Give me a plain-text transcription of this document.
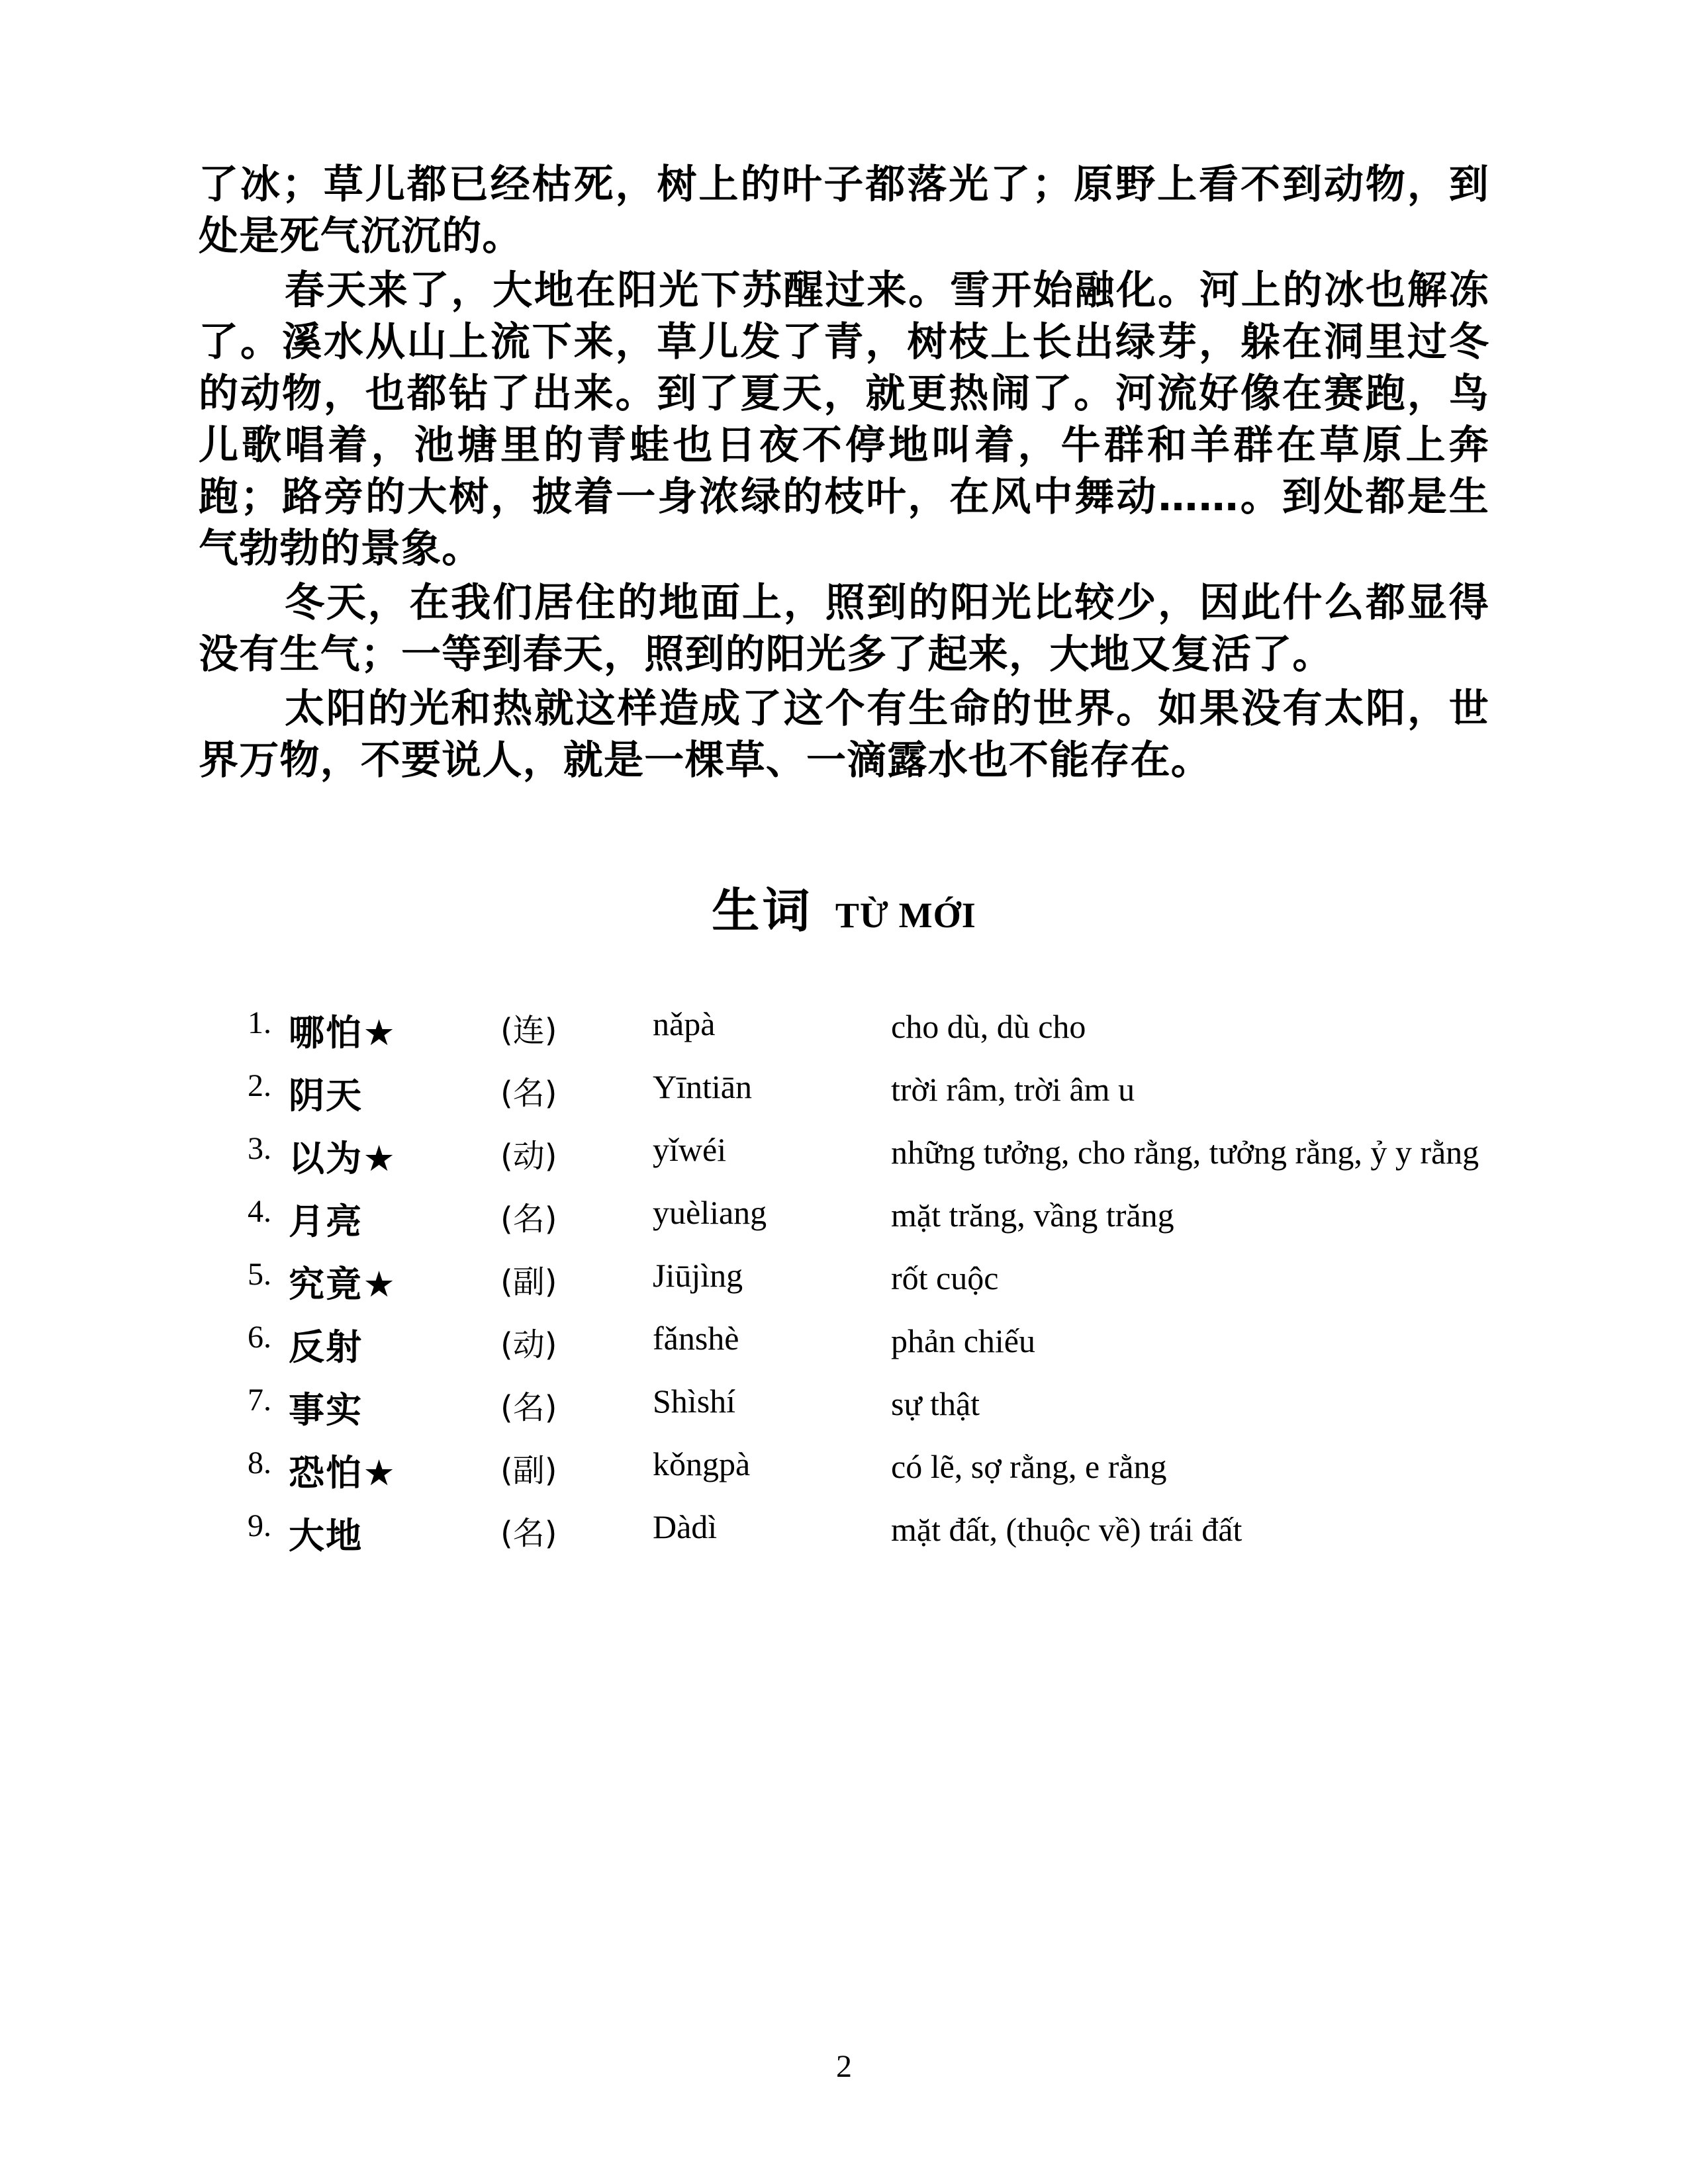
了冰；草儿都已经枯死，树上的叶子都落光了；原野上看不到动物，到处是死气沉沉的。

春天来了，大地在阳光下苏醒过来。雪开始融化。河上的冰也解冻了。溪水从山上流下来，草儿发了青，树枝上长出绿芽，躲在洞里过冬的动物，也都钻了出来。到了夏天，就更热闹了。河流好像在赛跑，鸟儿歌唱着，池塘里的青蛙也日夜不停地叫着，牛群和羊群在草原上奔跑；路旁的大树，披着一身浓绿的枝叶，在风中舞动……。到处都是生气勃勃的景象。

冬天，在我们居住的地面上，照到的阳光比较少，因此什么都显得没有生气；一等到春天，照到的阳光多了起来，大地又复活了。

太阳的光和热就这样造成了这个有生命的世界。如果没有太阳，世界万物，不要说人，就是一棵草、一滴露水也不能存在。

生词 TỪ MỚI
1.	哪怕★	(连)	nǎpà	cho dù, dù cho
2.	阴天	(名)	Yīntiān	trời râm, trời âm u
3.	以为★	(动)	yǐwéi	những tưởng, cho rằng, tưởng rằng, ỷ y rằng
4.	月亮	(名)	yuèliang	mặt trăng, vầng trăng
5.	究竟★	(副)	Jiūjìng	rốt cuộc
6.	反射	(动)	fǎnshè	phản chiếu
7.	事实	(名)	Shìshí	sự thật
8.	恐怕★	(副)	kǒngpà	có lẽ, sợ rằng, e rằng
9.	大地	(名)	Dàdì	mặt đất, (thuộc về) trái đất
2
